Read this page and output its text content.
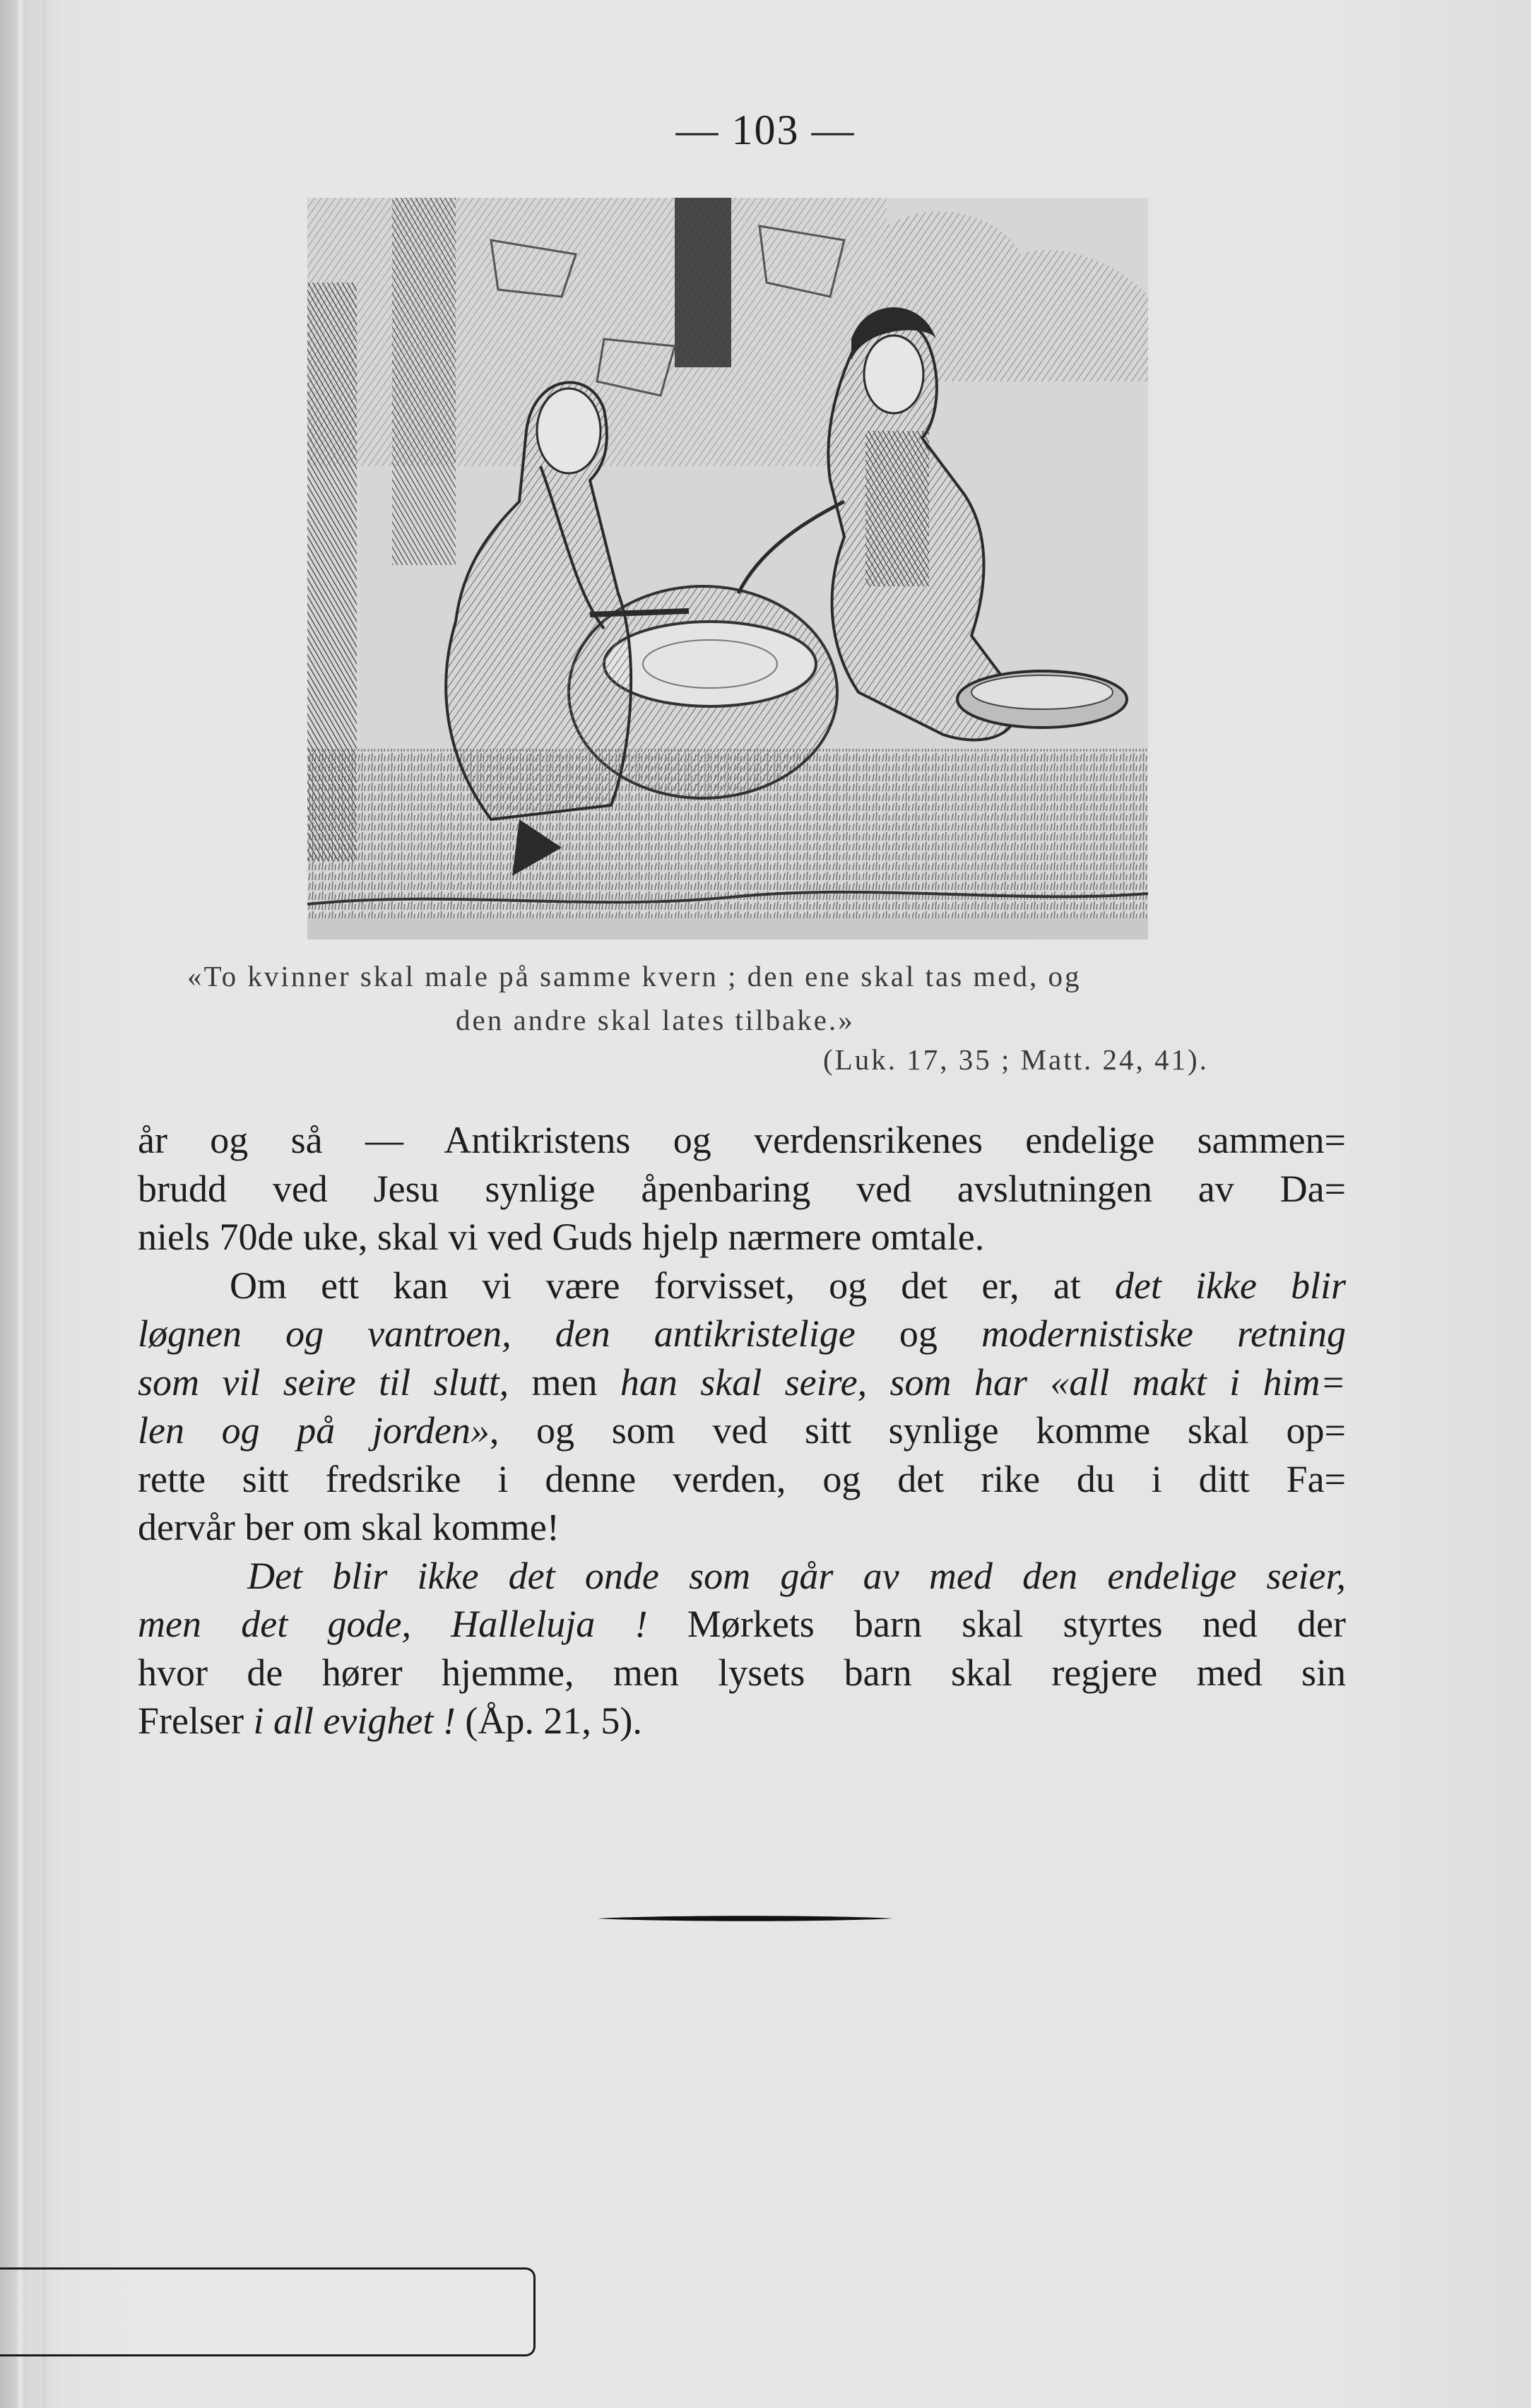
— 103 —
«To kvinner skal male på samme kvern ; den ene skal tas med, og
den andre skal lates tilbake.»
(Luk. 17, 35 ; Matt. 24, 41).
år og så — Antikristens og verdensrikenes endelige sammen=
brudd ved Jesu synlige åpenbaring ved avslutningen av Da=
niels 70de uke, skal vi ved Guds hjelp nærmere omtale.
Om ett kan vi være forvisset, og det er, at det ikke blir
løgnen og vantroen, den antikristelige og modernistiske retning
som vil seire til slutt, men han skal seire, som har «all makt i him=
len og på jorden», og som ved sitt synlige komme skal op=
rette sitt fredsrike i denne verden, og det rike du i ditt Fa=
dervår ber om skal komme!
Det blir ikke det onde som går av med den endelige seier,
men det gode, Halleluja ! Mørkets barn skal styrtes ned der
hvor de hører hjemme, men lysets barn skal regjere med sin
Frelser i all evighet ! (Åp. 21, 5).
